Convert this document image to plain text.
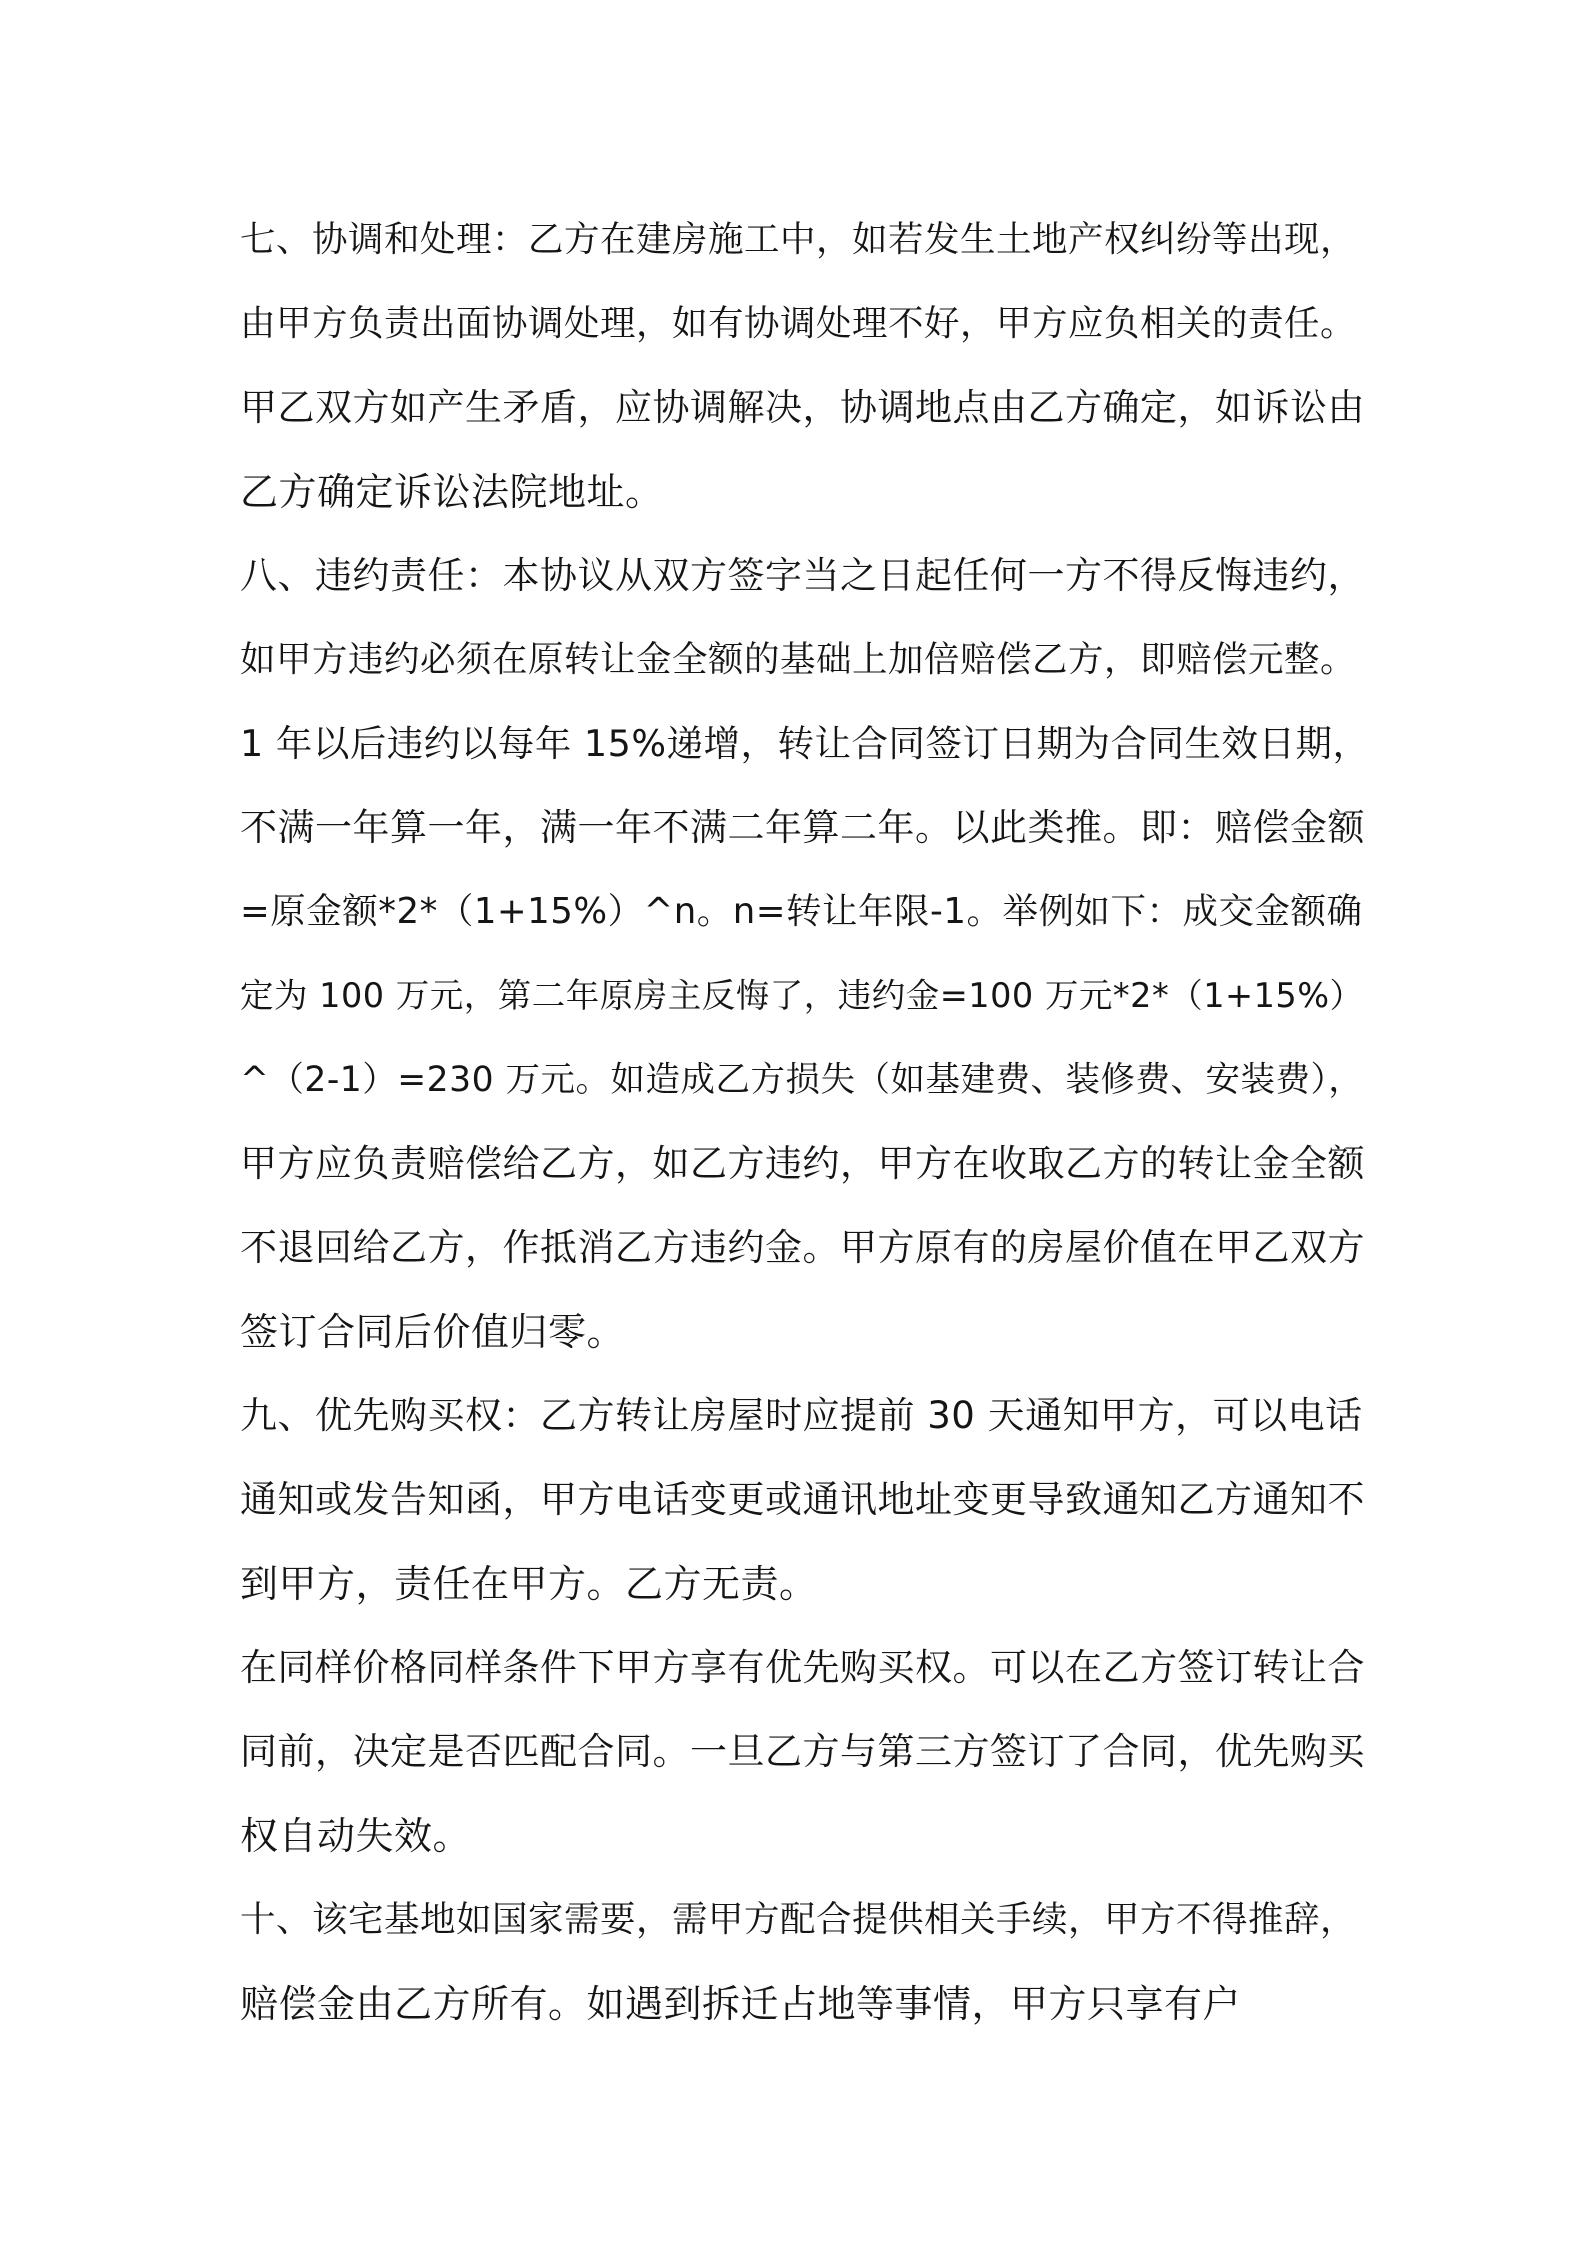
七、协调和处理：乙方在建房施工中，如若发生土地产权纠纷等出现，
由甲方负责出面协调处理，如有协调处理不好，甲方应负相关的责任。
甲乙双方如产生矛盾，应协调解决，协调地点由乙方确定，如诉讼由
乙方确定诉讼法院地址。
八、违约责任：本协议从双方签字当之日起任何一方不得反悔违约，
如甲方违约必须在原转让金全额的基础上加倍赔偿乙方，即赔偿元整。
1 年以后违约以每年 15%递增，转让合同签订日期为合同生效日期，
不满一年算一年，满一年不满二年算二年。以此类推。即：赔偿金额
=原金额*2*（1+15%）^n。n=转让年限-1。举例如下：成交金额确
定为 100 万元，第二年原房主反悔了，违约金=100 万元*2*（1+15%）
^（2-1）=230 万元。如造成乙方损失（如基建费、装修费、安装费），
甲方应负责赔偿给乙方，如乙方违约，甲方在收取乙方的转让金全额
不退回给乙方，作抵消乙方违约金。甲方原有的房屋价值在甲乙双方
签订合同后价值归零。
九、优先购买权：乙方转让房屋时应提前 30 天通知甲方，可以电话
通知或发告知函，甲方电话变更或通讯地址变更导致通知乙方通知不
到甲方，责任在甲方。乙方无责。
在同样价格同样条件下甲方享有优先购买权。可以在乙方签订转让合
同前，决定是否匹配合同。一旦乙方与第三方签订了合同，优先购买
权自动失效。
十、该宅基地如国家需要，需甲方配合提供相关手续，甲方不得推辞，
赔偿金由乙方所有。如遇到拆迁占地等事情，甲方只享有户
